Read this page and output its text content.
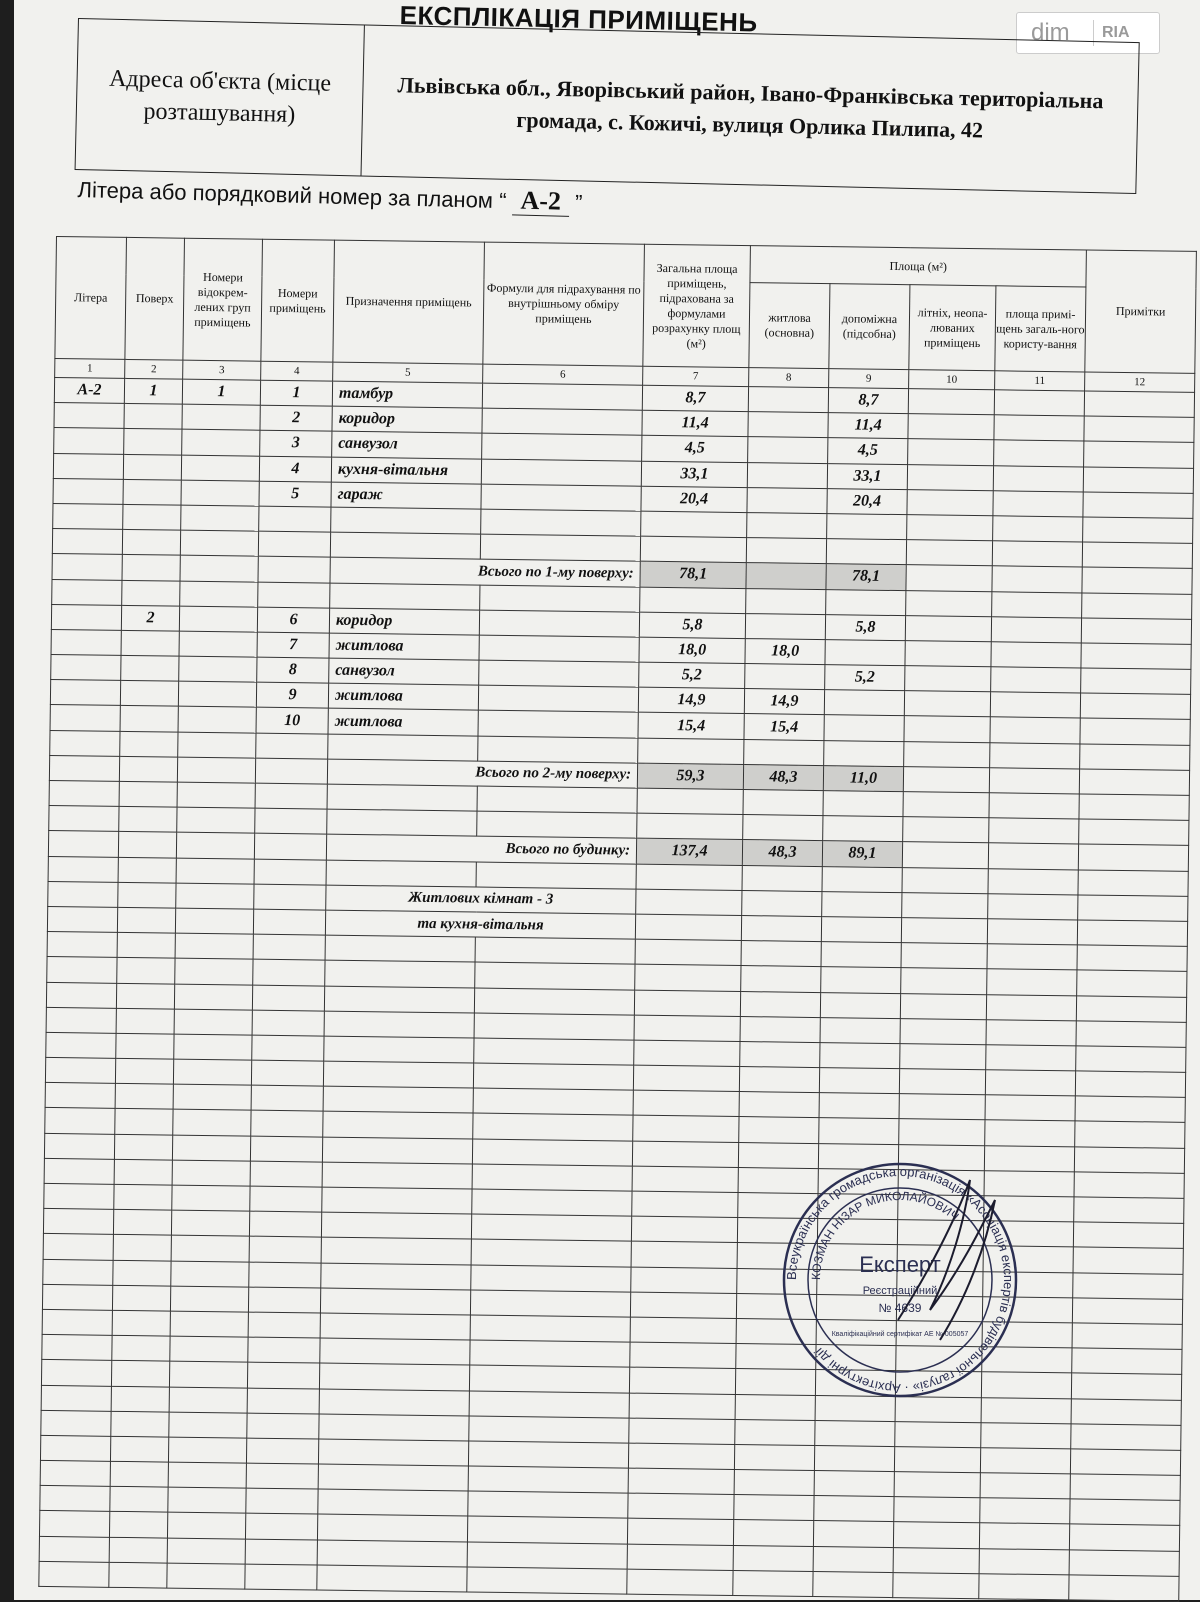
ЕКСПЛІКАЦІЯ ПРИМІЩЕНЬ	dim	RIA
Адреса об'єкта (місце розташування)	Львівська обл., Яворівський район, Івано-Франківська територіальна громада, с. Кожичі, вулиця Орлика Пилипа, 42
Літера або порядковий номер за планом “ А-2 ”
Літера	Поверх	Номери відокрем-лених груп приміщень	Номери приміщень	Призначення приміщень	Формули для підрахування по внутрішньому обміру приміщень	Загальна площа приміщень, підрахована за формулами розрахунку площ (м²)	Площа (м²)				Примітки
							житлова (основна)	допоміжна (підсобна)	літніх, неопа-люваних приміщень	площа примі-щень загаль-ного користу-вання	
1	2	3	4	5	6	7	8	9	10	11	12
А-2	1	1	1	тамбур		8,7		8,7			
			2	коридор		11,4		11,4			
			3	санвузол		4,5		4,5			
			4	кухня-вітальня		33,1		33,1			
			5	гараж		20,4		20,4			

				Всього по 1-му поверху:		78,1		78,1			

	2		6	коридор		5,8		5,8			
			7	житлова		18,0	18,0				
			8	санвузол		5,2		5,2			
			9	житлова		14,9	14,9				
			10	житлова		15,4	15,4				

				Всього по 2-му поверху:		59,3	48,3	11,0			

				Всього по будинку:		137,4	48,3	89,1			

				Житлових кімнат - 3							
				та кухня-вітальня							

Всеукраїнська громадська організація «Асоціація експертів будівельної галузі» · Архітектурні дії
КОЗМАН НІЗАР МИКОЛАЙОВИЧ
Експерт
Реєстраційний
№ 4639
Кваліфікаційний сертифікат АЕ № 005057
